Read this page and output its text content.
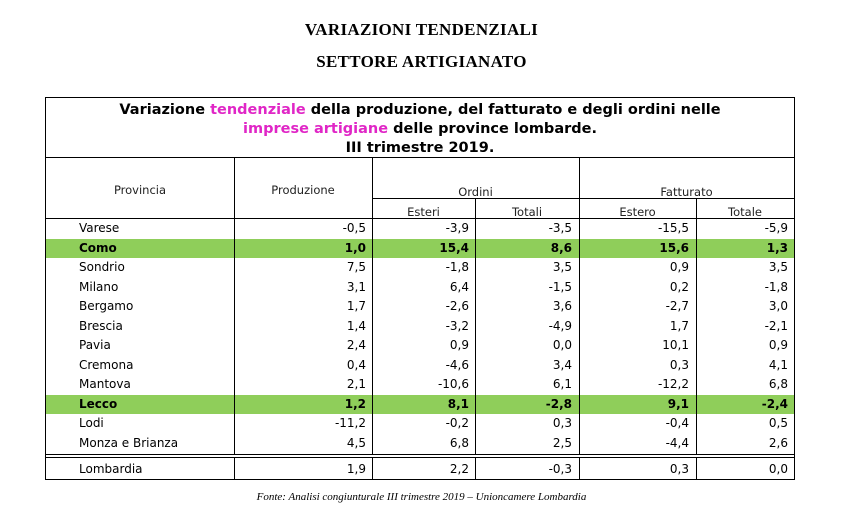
VARIAZIONI TENDENZIALI
SETTORE ARTIGIANATO
Variazione tendenziale della produzione, del fatturato e degli ordini nelle
imprese artigiane delle province lombarde.
III trimestre 2019.
Provincia	Produzione	Ordini	Fatturato
Esteri	Totali	Estero	Totale
Varese	-0,5	-3,9	-3,5	-15,5	-5,9
Como	1,0	15,4	8,6	15,6	1,3
Sondrio	7,5	-1,8	3,5	0,9	3,5
Milano	3,1	6,4	-1,5	0,2	-1,8
Bergamo	1,7	-2,6	3,6	-2,7	3,0
Brescia	1,4	-3,2	-4,9	1,7	-2,1
Pavia	2,4	0,9	0,0	10,1	0,9
Cremona	0,4	-4,6	3,4	0,3	4,1
Mantova	2,1	-10,6	6,1	-12,2	6,8
Lecco	1,2	8,1	-2,8	9,1	-2,4
Lodi	-11,2	-0,2	0,3	-0,4	0,5
Monza e Brianza	4,5	6,8	2,5	-4,4	2,6
Lombardia	1,9	2,2	-0,3	0,3	0,0
Fonte: Analisi congiunturale III trimestre 2019 – Unioncamere Lombardia
